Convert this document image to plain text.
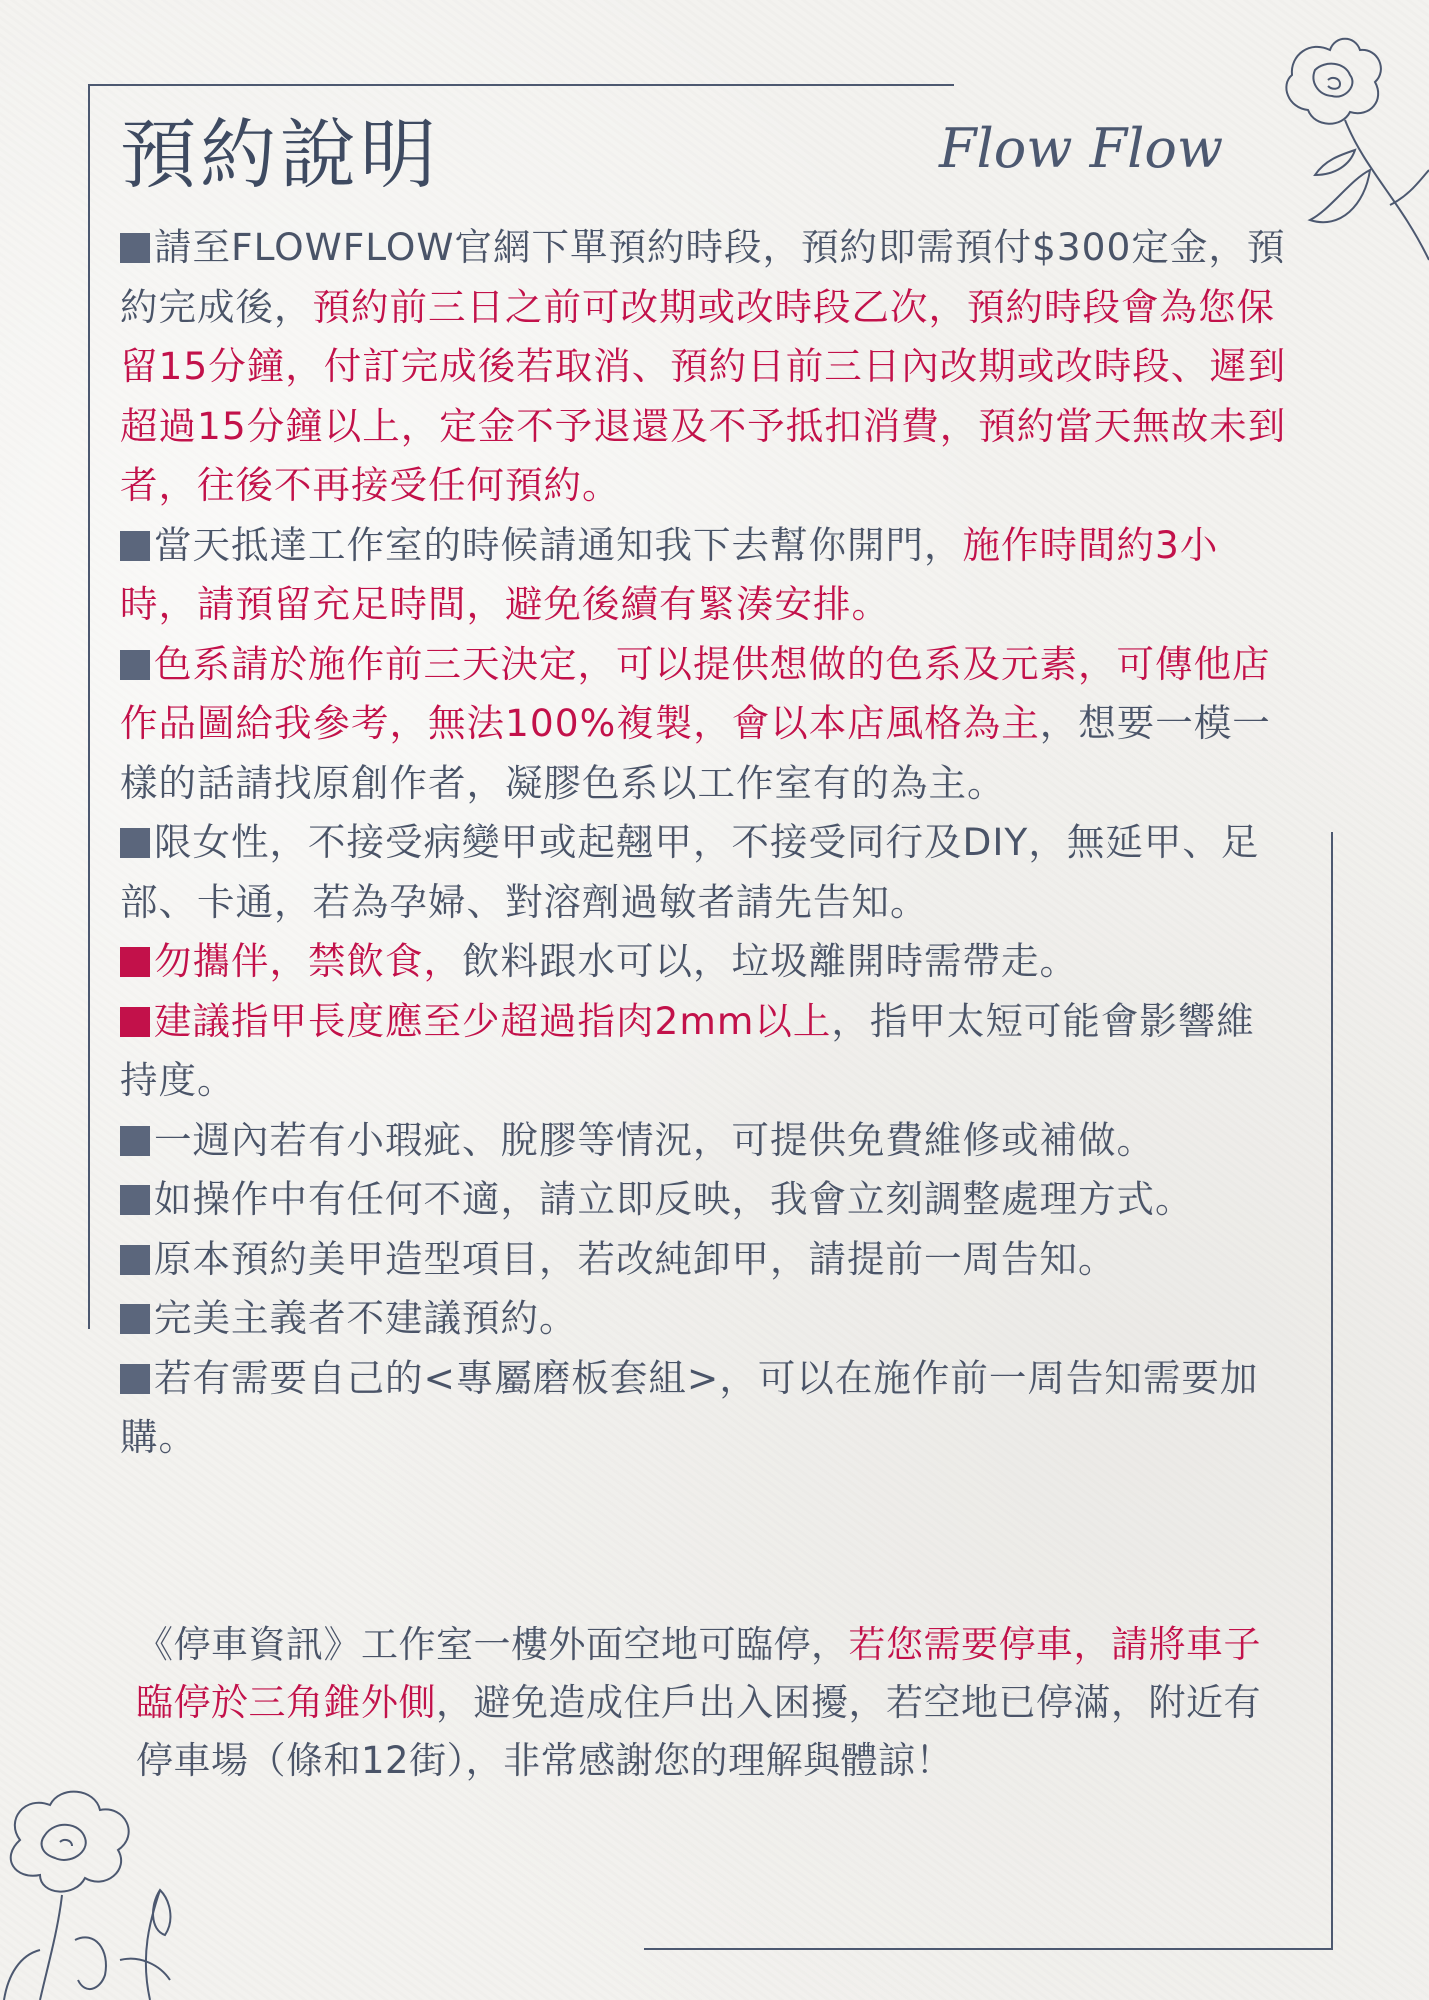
預約說明	Flow Flow

請至FLOWFLOW官網下單預約時段，預約即需預付$300定金，預約完成後，預約前三日之前可改期或改時段乙次，預約時段會為您保留15分鐘，付訂完成後若取消、預約日前三日內改期或改時段、遲到超過15分鐘以上，定金不予退還及不予抵扣消費，預約當天無故未到者，往後不再接受任何預約。

當天抵達工作室的時候請通知我下去幫你開門，施作時間約3小時，請預留充足時間，避免後續有緊湊安排。

色系請於施作前三天決定，可以提供想做的色系及元素，可傳他店作品圖給我參考，無法100%複製，會以本店風格為主，想要一模一樣的話請找原創作者，凝膠色系以工作室有的為主。

限女性，不接受病變甲或起翹甲，不接受同行及DIY，無延甲、足部、卡通，若為孕婦、對溶劑過敏者請先告知。

勿攜伴，禁飲食，飲料跟水可以，垃圾離開時需帶走。

建議指甲長度應至少超過指肉2mm以上，指甲太短可能會影響維持度。

一週內若有小瑕疵、脫膠等情況，可提供免費維修或補做。

如操作中有任何不適，請立即反映，我會立刻調整處理方式。

原本預約美甲造型項目，若改純卸甲，請提前一周告知。

完美主義者不建議預約。

若有需要自己的<專屬磨板套組>，可以在施作前一周告知需要加購。

《停車資訊》工作室一樓外面空地可臨停，若您需要停車，請將車子臨停於三角錐外側，避免造成住戶出入困擾，若空地已停滿，附近有停車場（條和12街），非常感謝您的理解與體諒！
